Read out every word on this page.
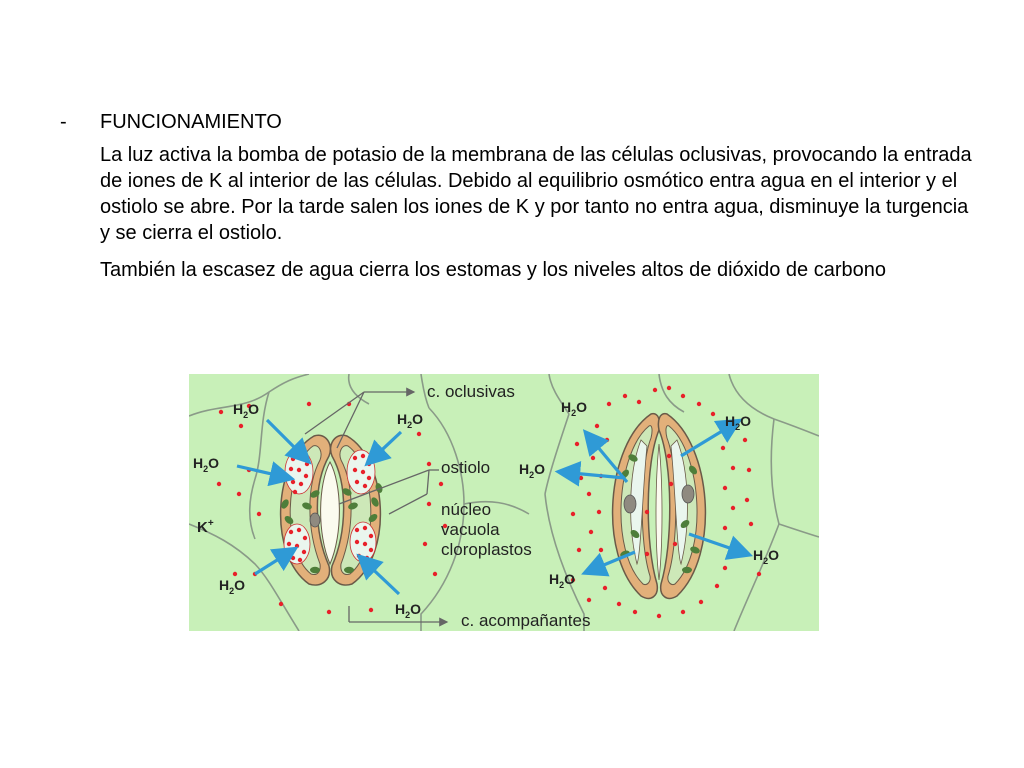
- FUNCIONAMIENTO

La luz activa la bomba de potasio de la membrana de las células oclusivas, provocando la entrada de iones de K al interior de las células. Debido al equilibrio osmótico entra agua en el interior y el ostiolo se abre. Por la tarde salen los iones de K y por tanto no entra agua, disminuye la turgencia y se cierra el ostiolo.

También la escasez de agua cierra los estomas y los niveles altos de dióxido de carbono

c. oclusivas
ostiolo
núcleo
vacuola
cloroplastos
c. acompañantes
K+
$H_2O$
$H_2O$
$H_2O$
$H_2O$
$H_2O$
$H_2O$
$H_2O$
$H_2O$
$H_2O$
$H_2O$
